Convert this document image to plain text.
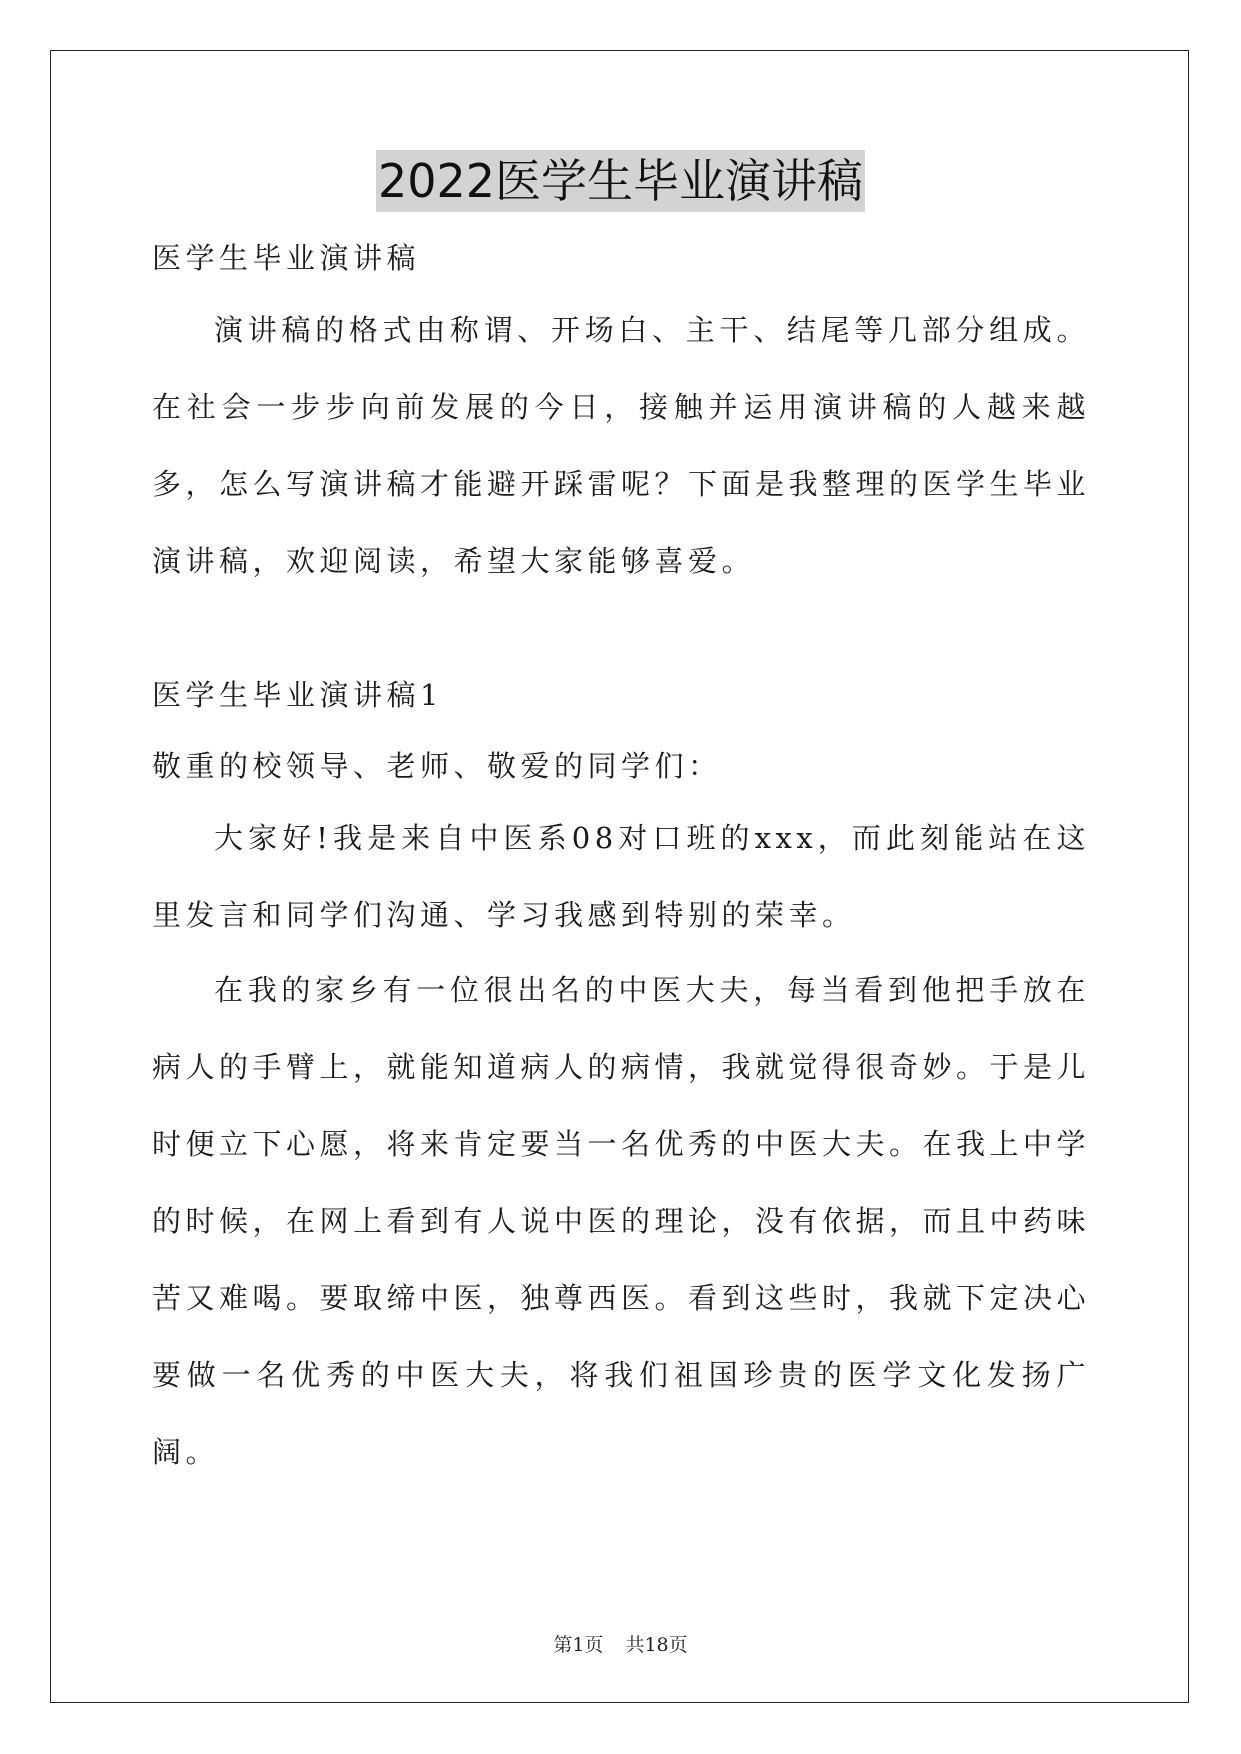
2022医学生毕业演讲稿

医学生毕业演讲稿

演讲稿的格式由称谓、开场白、主干、结尾等几部分组成。在社会一步步向前发展的今日，接触并运用演讲稿的人越来越多，怎么写演讲稿才能避开踩雷呢？下面是我整理的医学生毕业演讲稿，欢迎阅读，希望大家能够喜爱。

医学生毕业演讲稿1

敬重的校领导、老师、敬爱的同学们：

大家好!我是来自中医系08对口班的xxx，而此刻能站在这里发言和同学们沟通、学习我感到特别的荣幸。

在我的家乡有一位很出名的中医大夫，每当看到他把手放在病人的手臂上，就能知道病人的病情，我就觉得很奇妙。于是儿时便立下心愿，将来肯定要当一名优秀的中医大夫。在我上中学的时候，在网上看到有人说中医的理论，没有依据，而且中药味苦又难喝。要取缔中医，独尊西医。看到这些时，我就下定决心要做一名优秀的中医大夫，将我们祖国珍贵的医学文化发扬广阔。

第1页 共18页
